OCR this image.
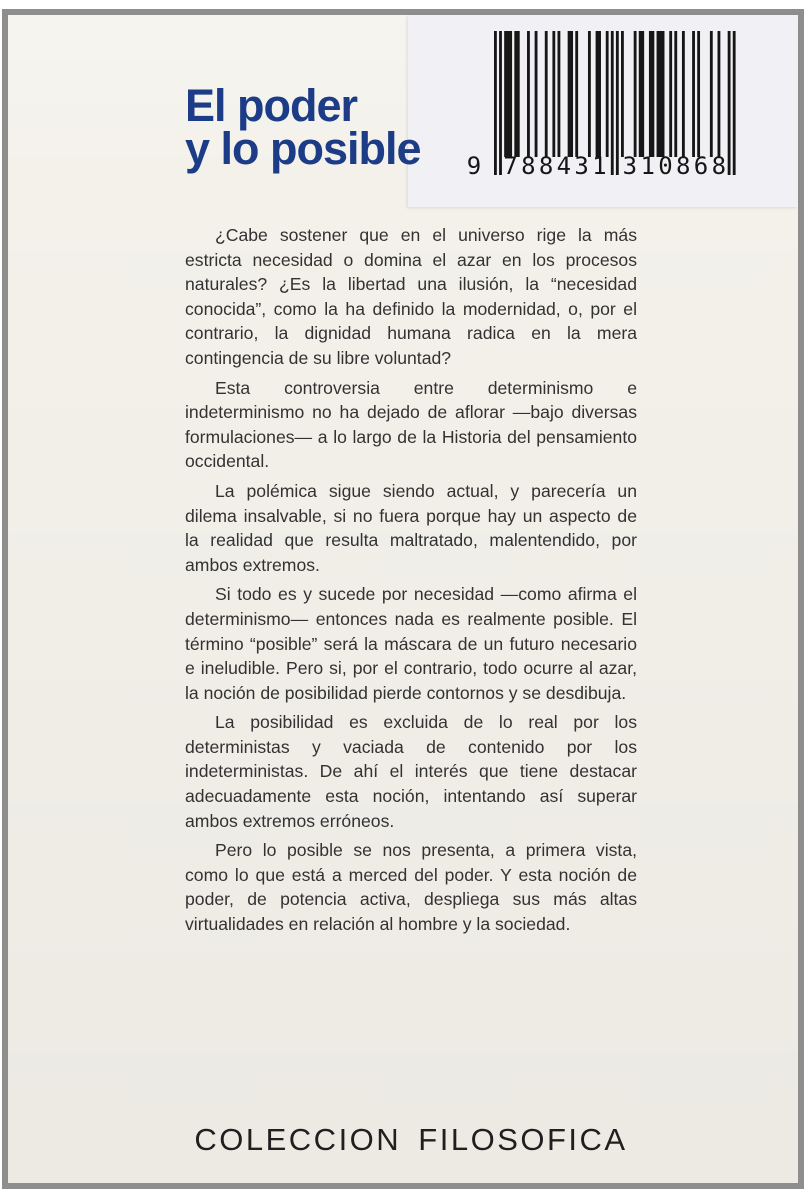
9 7 8 8 4 3 1 3 1 0 8 6 8
El poder
y lo posible

¿Cabe sostener que en el universo rige la más estricta necesidad o domina el azar en los procesos naturales? ¿Es la libertad una ilusión, la “necesidad conocida”, como la ha definido la modernidad, o, por el contrario, la dignidad humana radica en la mera contingencia de su libre voluntad?

Esta controversia entre determinismo e indeterminismo no ha dejado de aflorar —bajo diversas formulaciones— a lo largo de la Historia del pensamiento occidental.

La polémica sigue siendo actual, y parecería un dilema insalvable, si no fuera porque hay un aspecto de la realidad que resulta maltratado, malentendido, por ambos extremos.

Si todo es y sucede por necesidad —como afirma el determinismo— entonces nada es realmente posible. El término “posible” será la máscara de un futuro necesario e ineludible. Pero si, por el contrario, todo ocurre al azar, la noción de posibilidad pierde contornos y se desdibuja.

La posibilidad es excluida de lo real por los deterministas y vaciada de contenido por los indeterministas. De ahí el interés que tiene destacar adecuadamente esta noción, intentando así superar ambos extremos erróneos.

Pero lo posible se nos presenta, a primera vista, como lo que está a merced del poder. Y esta noción de poder, de potencia activa, despliega sus más altas virtualidades en relación al hombre y la sociedad.

COLECCION FILOSOFICA
